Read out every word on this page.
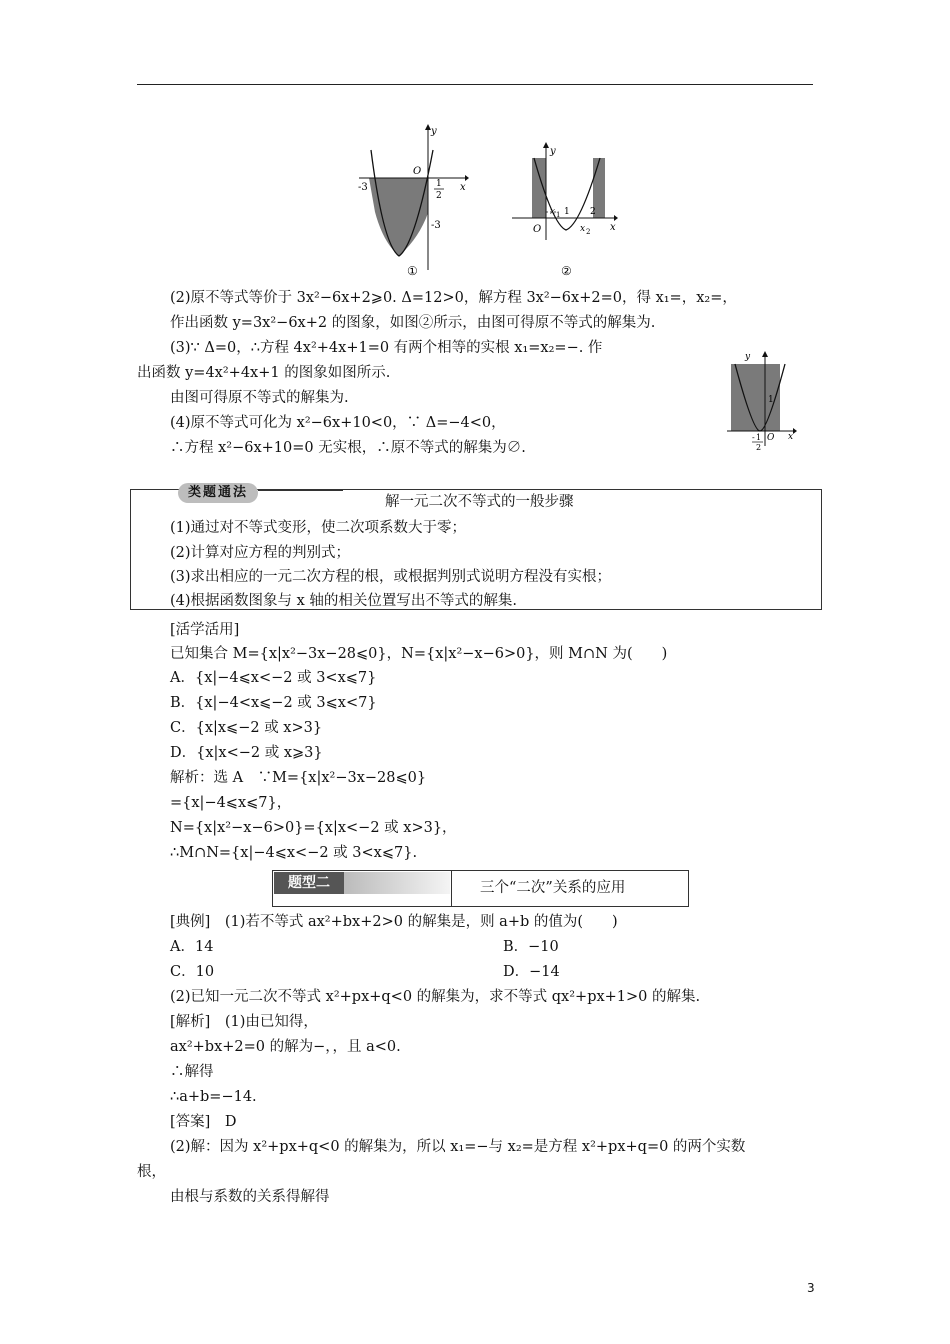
y
x
O
-3	1
2
-3
①
y
x
O
x 1 1 2
x 2
②
y
x
O
1
- 1
2
(2)原不等式等价于 3x²−6x+2⩾0. Δ=12>0，解方程 3x²−6x+2=0，得 x₁=，x₂=，
作出函数 y=3x²−6x+2 的图象，如图②所示，由图可得原不等式的解集为.
(3)∵ Δ=0，∴方程 4x²+4x+1=0 有两个相等的实根 x₁=x₂=−. 作
出函数 y=4x²+4x+1 的图象如图所示.
由图可得原不等式的解集为.
(4)原不等式可化为 x²−6x+10<0，∵ Δ=−4<0，
∴方程 x²−6x+10=0 无实根，∴原不等式的解集为∅.
类题通法
解一元二次不等式的一般步骤
(1)通过对不等式变形，使二次项系数大于零；
(2)计算对应方程的判别式；
(3)求出相应的一元二次方程的根，或根据判别式说明方程没有实根；
(4)根据函数图象与 x 轴的相关位置写出不等式的解集.
[活学活用]
已知集合 M={x|x²−3x−28⩽0}，N={x|x²−x−6>0}，则 M∩N 为(　　)
A．{x|−4⩽x<−2 或 3<x⩽7}
B．{x|−4<x⩽−2 或 3⩽x<7}
C．{x|x⩽−2 或 x>3}
D．{x|x<−2 或 x⩾3}
解析：选 A　∵M={x|x²−3x−28⩽0}
={x|−4⩽x⩽7}，
N={x|x²−x−6>0}={x|x<−2 或 x>3}，
∴M∩N={x|−4⩽x<−2 或 3<x⩽7}.
题型二	三个“二次”关系的应用
[典例]　(1)若不等式 ax²+bx+2>0 的解集是，则 a+b 的值为(　　)
A．14	B．−10
C．10	D．−14
(2)已知一元二次不等式 x²+px+q<0 的解集为，求不等式 qx²+px+1>0 的解集.
[解析]　(1)由已知得，
ax²+bx+2=0 的解为−，，且 a<0.
∴解得
∴a+b=−14.
[答案]　D
(2)解：因为 x²+px+q<0 的解集为，所以 x₁=−与 x₂=是方程 x²+px+q=0 的两个实数
根，
由根与系数的关系得解得
3
